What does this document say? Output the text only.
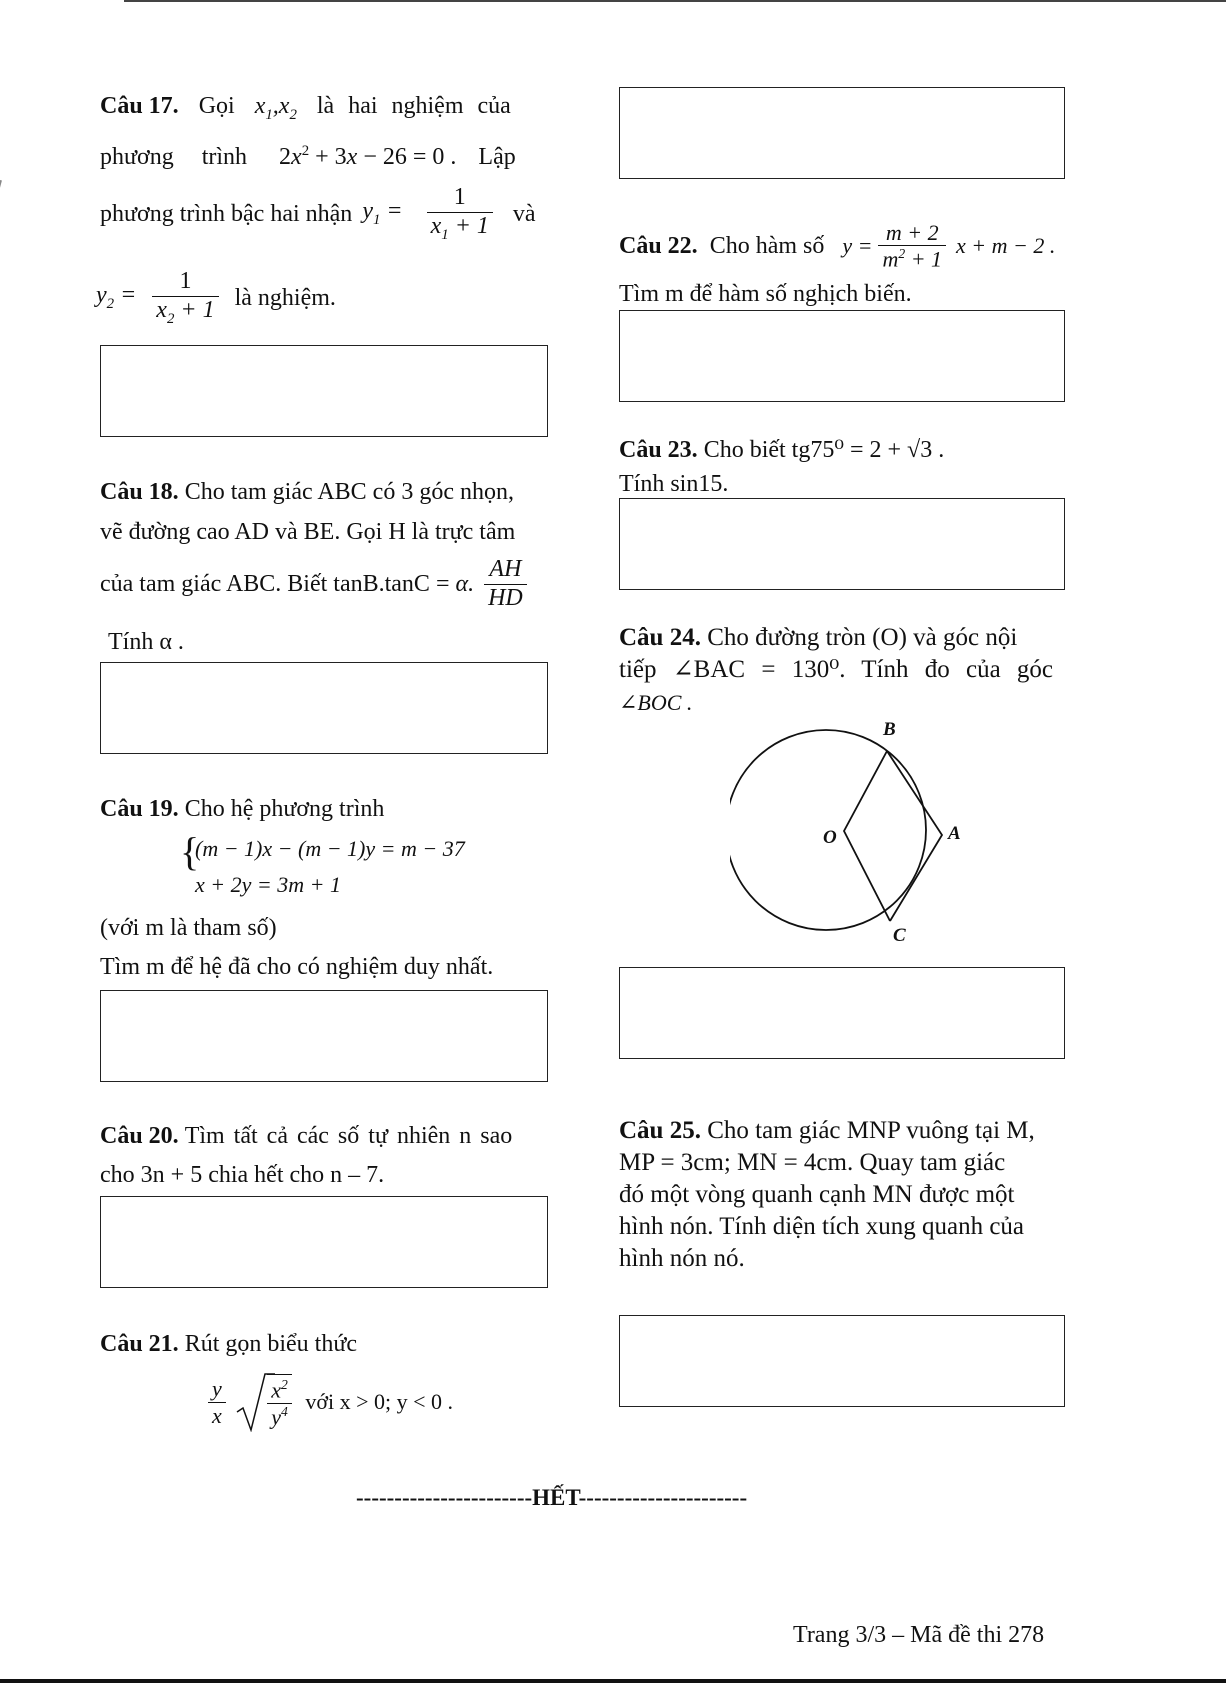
Câu 17. Gọi $x_1,x_2$ là hai nghiệm của
phương trình $2x^2 + 3x - 26 = 0$ . Lập
phương trình bậc hai nhận $y_1 = \frac{1}{x_1 + 1}$ và
$y_2 = \frac{1}{x_2 + 1}$ là nghiệm.
Câu 18. Cho tam giác ABC có 3 góc nhọn,
vẽ đường cao AD và BE. Gọi H là trực tâm
của tam giác ABC. Biết tanB.tanC = α. $\frac{AH}{HD}$
Tính α .
Câu 19. Cho hệ phương trình
{
(m − 1)x − (m − 1)y = m − 37
x + 2y = 3m + 1
(với m là tham số)
Tìm m để hệ đã cho có nghiệm duy nhất.
Câu 20. Tìm tất cả các số tự nhiên n sao
cho 3n + 5 chia hết cho n – 7.
Câu 21. Rút gọn biểu thức
$\frac{y}{x}$
$\frac{x^2}{y^4}$ với x > 0; y < 0 .
Câu 22. Cho hàm số $y = \frac{m + 2}{m^2 + 1}$ x + m − 2 .
Tìm m để hàm số nghịch biến.
Câu 23. Cho biết tg75⁰ = 2 + √3 .
Tính sin15.
Câu 24. Cho đường tròn (O) và góc nội
tiếp ∠BAC = 130⁰. Tính đo của góc
∠BOC .
B
O	A
C
Câu 25. Cho tam giác MNP vuông tại M,
MP = 3cm; MN = 4cm. Quay tam giác
đó một vòng quanh cạnh MN được một
hình nón. Tính diện tích xung quanh của
hình nón nó.
-----------------------HẾT----------------------
Trang 3/3 – Mã đề thi 278
